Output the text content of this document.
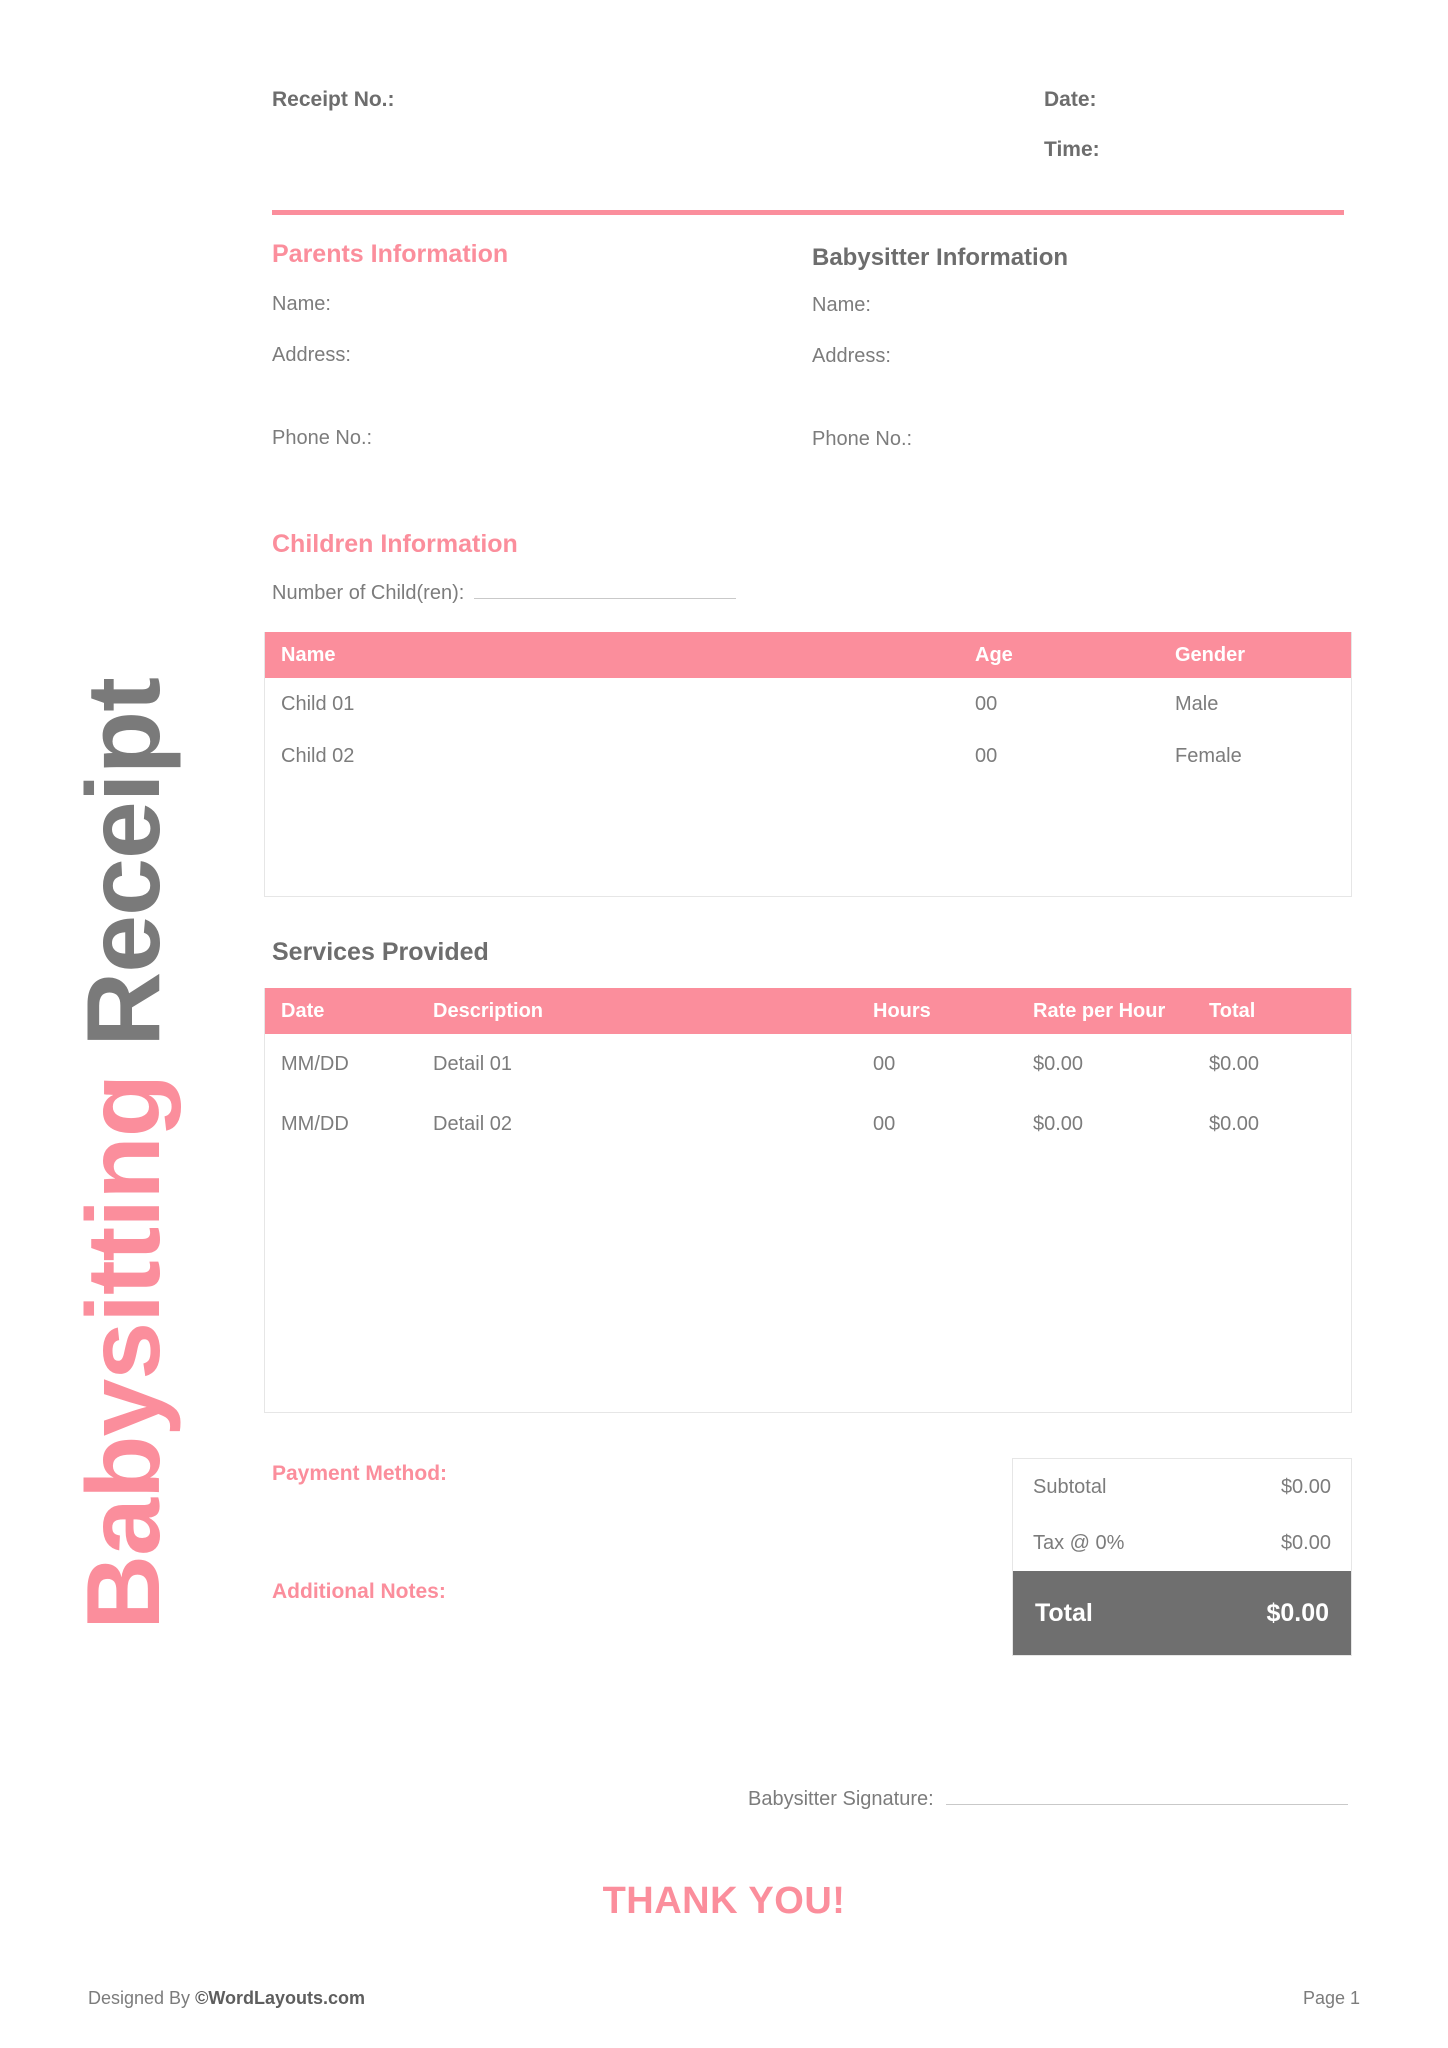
Babysitting Receipt
Receipt No.:	Date:
Time:
Parents Information
Name:
Address:
Phone No.:
Babysitter Information
Name:
Address:
Phone No.:
Children Information
Number of Child(ren):
Name	Age	Gender
Child 01	00	Male
Child 02	00	Female
Services Provided
Date	Description	Hours	Rate per Hour	Total
MM/DD	Detail 01	00	$0.00	$0.00
MM/DD	Detail 02	00	$0.00	$0.00
Payment Method:
Additional Notes:
Subtotal	$0.00
Tax @ 0%	$0.00
Total	$0.00
Babysitter Signature:
THANK YOU!
Designed By ©WordLayouts.com	Page 1
